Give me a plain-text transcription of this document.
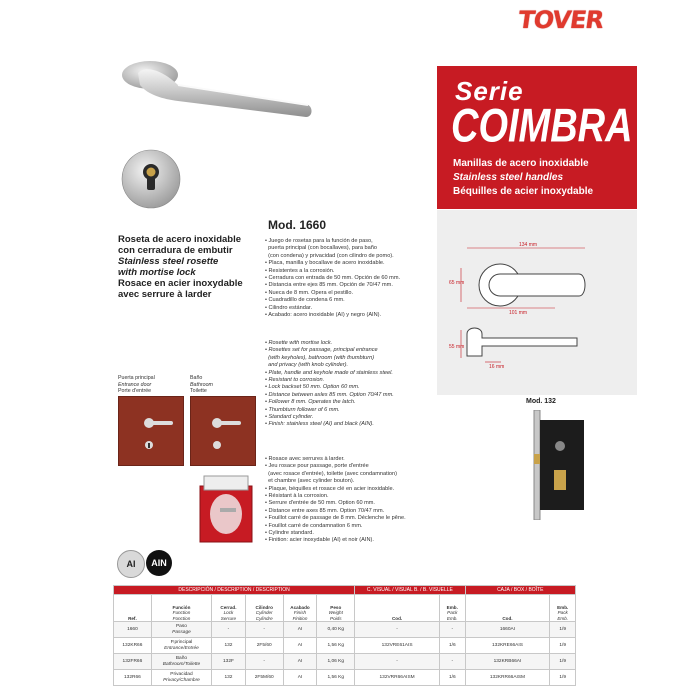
TOVER
Serie
COIMBRA
Manillas de acero inoxidable
Stainless steel handles
Béquilles de acier inoxydable
134 mm
65 mm
101 mm
55 mm
16 mm
Roseta de acero inoxidable
con cerradura de embutir
Stainless steel rosette
with mortise lock
Rosace en acier inoxydable
avec serrure à larder
Mod. 1660
• Juego de rosetas para la función de paso,
puerta principal (con bocallaves), para baño
(con condena) y privacidad (con cilindro de pomo).
• Placa, manilla y bocallave de acero inoxidable.
• Resistentes a la corrosión.
• Cerradura con entrada de 50 mm. Opción de 60 mm.
• Distancia entre ejes 85 mm. Opción de 70/47 mm.
• Nueca de 8 mm. Opera el pestillo.
• Cuadradillo de condena 6 mm.
• Cilindro estándar.
• Acabado: acero inoxidable (AI) y negro (AIN).
• Rosette with mortise lock.
• Rosettes set for passage, principal entrance
(with keyholes), bathroom (with thumbturn)
and privacy (with knob cylinder).
• Plate, handle and keyhole made of stainless steel.
• Resistant to corrosion.
• Lock backset 50 mm. Option 60 mm.
• Distance between axles 85 mm. Option 70/47 mm.
• Follower 8 mm. Operates the latch.
• Thumbturn follower of 6 mm.
• Standard cylinder.
• Finish: stainless steel (AI) and black (AIN).
• Rosace avec serrures à larder.
• Jeu rosace pour passage, porte d'entrée
(avec rosace d'entrée), toilette (avec condamnation)
et chambre (avec cylinder bouton).
• Plaque, béquilles et rosace clé en acier inoxidable.
• Résistant à la corrosion.
• Serrure d'entrée de 50 mm. Option 60 mm.
• Distance entre axes 85 mm. Option 70/47 mm.
• Fouillot carré de passage de 8 mm. Déclenche le pêne.
• Fouillot carré de condamnation 6 mm.
• Cylindre standard.
• Finition: acier inoxydable (AI) et noir (AIN).
Puerta principal
Entrance door
Porte d'entrée
Baño
Bathroom
Toilette
AI AIN
Mod. 132
DESCRIPCIÓN / DESCRIPTION / DESCRIPTION						C. VISUAL / VISUAL B. / B. VISUELLE		CAJA / BOX / BOÎTE	
Ref.	Función
Function
Fonction	Cerrad.
Lock
Serrure	Cilindro
Cylinder
Cylindre	Acabado
Finish
Finition	Peso
Weight
Poids	Cod.	Emb.
Pack
Emb.	Cod.	Emb.
Pack
Emb.
1660	Paso
Passage	-	-	AI	0,40 Kg	-	-	1660AI	1/9
132KR66	P.principal
Entrance/Entrée	132	2F5/60	AI	1,56 Kg	132VRE61AIS	1/6	132KRE66AIS	1/9
132FR66	Baño
Bathroom/Toilette	132F	-	AI	1,06 Kg	-	-	132KRB66AI	1/9
132R66	Privacidad
Privacy/Chambre	132	2F5M/60	AI	1,56 Kg	132VRR66AISM	1/6	132KRR66AISM	1/9
